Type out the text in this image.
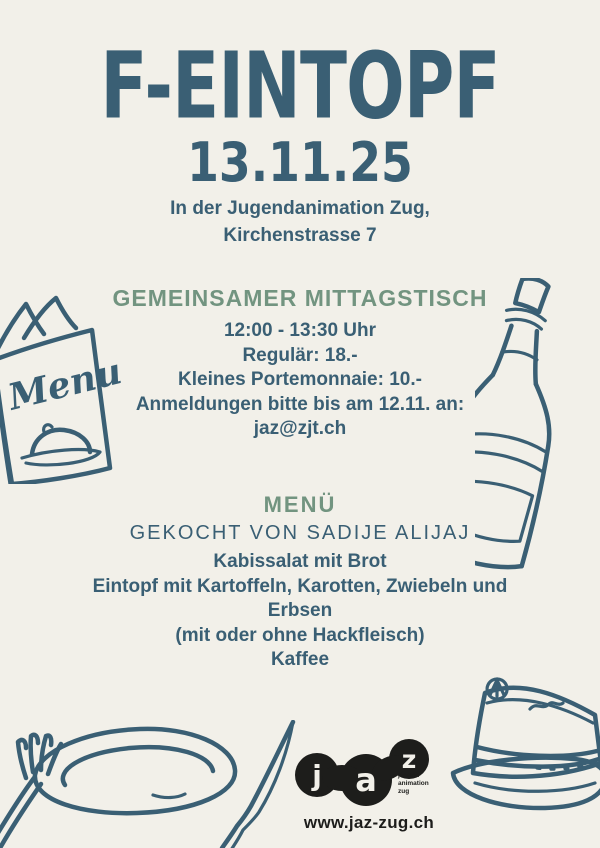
Menu
F-EINTOPF
13.11.25
In der Jugendanimation Zug,
Kirchenstrasse 7
GEMEINSAMER MITTAGSTISCH
12:00 - 13:30 Uhr
Regulär: 18.-
Kleines Portemonnaie: 10.-
Anmeldungen bitte bis am 12.11. an:
jaz@zjt.ch
MENÜ
GEKOCHT VON SADIJE ALIJAJ
Kabissalat mit Brot
Eintopf mit Kartoffeln, Karotten, Zwiebeln und Erbsen
(mit oder ohne Hackfleisch)
Kaffee
j a
z
jugend
animation
zug
www.jaz-zug.ch
